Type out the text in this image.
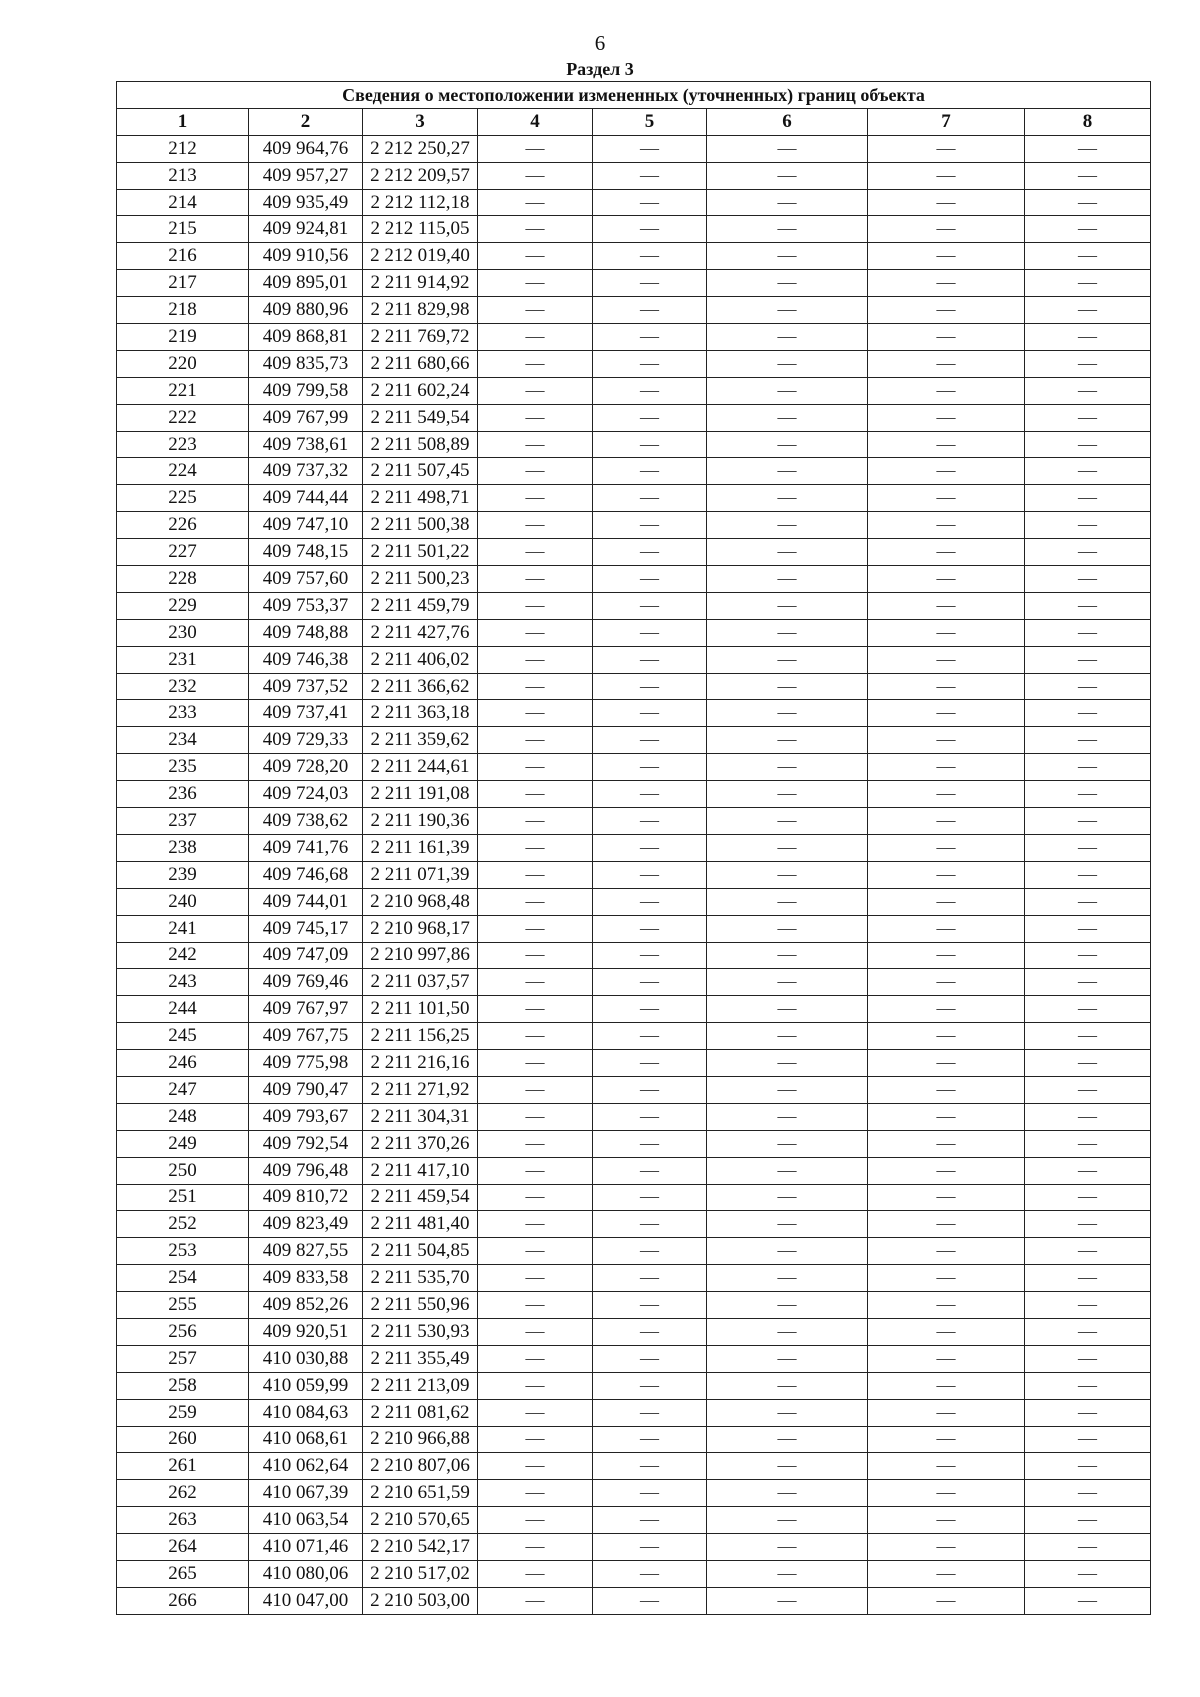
6
Раздел 3
Сведения о местоположении измененных (уточненных) границ объекта							
1	2	3	4	5	6	7	8
212	409 964,76	2 212 250,27	—	—	—	—	—
213	409 957,27	2 212 209,57	—	—	—	—	—
214	409 935,49	2 212 112,18	—	—	—	—	—
215	409 924,81	2 212 115,05	—	—	—	—	—
216	409 910,56	2 212 019,40	—	—	—	—	—
217	409 895,01	2 211 914,92	—	—	—	—	—
218	409 880,96	2 211 829,98	—	—	—	—	—
219	409 868,81	2 211 769,72	—	—	—	—	—
220	409 835,73	2 211 680,66	—	—	—	—	—
221	409 799,58	2 211 602,24	—	—	—	—	—
222	409 767,99	2 211 549,54	—	—	—	—	—
223	409 738,61	2 211 508,89	—	—	—	—	—
224	409 737,32	2 211 507,45	—	—	—	—	—
225	409 744,44	2 211 498,71	—	—	—	—	—
226	409 747,10	2 211 500,38	—	—	—	—	—
227	409 748,15	2 211 501,22	—	—	—	—	—
228	409 757,60	2 211 500,23	—	—	—	—	—
229	409 753,37	2 211 459,79	—	—	—	—	—
230	409 748,88	2 211 427,76	—	—	—	—	—
231	409 746,38	2 211 406,02	—	—	—	—	—
232	409 737,52	2 211 366,62	—	—	—	—	—
233	409 737,41	2 211 363,18	—	—	—	—	—
234	409 729,33	2 211 359,62	—	—	—	—	—
235	409 728,20	2 211 244,61	—	—	—	—	—
236	409 724,03	2 211 191,08	—	—	—	—	—
237	409 738,62	2 211 190,36	—	—	—	—	—
238	409 741,76	2 211 161,39	—	—	—	—	—
239	409 746,68	2 211 071,39	—	—	—	—	—
240	409 744,01	2 210 968,48	—	—	—	—	—
241	409 745,17	2 210 968,17	—	—	—	—	—
242	409 747,09	2 210 997,86	—	—	—	—	—
243	409 769,46	2 211 037,57	—	—	—	—	—
244	409 767,97	2 211 101,50	—	—	—	—	—
245	409 767,75	2 211 156,25	—	—	—	—	—
246	409 775,98	2 211 216,16	—	—	—	—	—
247	409 790,47	2 211 271,92	—	—	—	—	—
248	409 793,67	2 211 304,31	—	—	—	—	—
249	409 792,54	2 211 370,26	—	—	—	—	—
250	409 796,48	2 211 417,10	—	—	—	—	—
251	409 810,72	2 211 459,54	—	—	—	—	—
252	409 823,49	2 211 481,40	—	—	—	—	—
253	409 827,55	2 211 504,85	—	—	—	—	—
254	409 833,58	2 211 535,70	—	—	—	—	—
255	409 852,26	2 211 550,96	—	—	—	—	—
256	409 920,51	2 211 530,93	—	—	—	—	—
257	410 030,88	2 211 355,49	—	—	—	—	—
258	410 059,99	2 211 213,09	—	—	—	—	—
259	410 084,63	2 211 081,62	—	—	—	—	—
260	410 068,61	2 210 966,88	—	—	—	—	—
261	410 062,64	2 210 807,06	—	—	—	—	—
262	410 067,39	2 210 651,59	—	—	—	—	—
263	410 063,54	2 210 570,65	—	—	—	—	—
264	410 071,46	2 210 542,17	—	—	—	—	—
265	410 080,06	2 210 517,02	—	—	—	—	—
266	410 047,00	2 210 503,00	—	—	—	—	—
